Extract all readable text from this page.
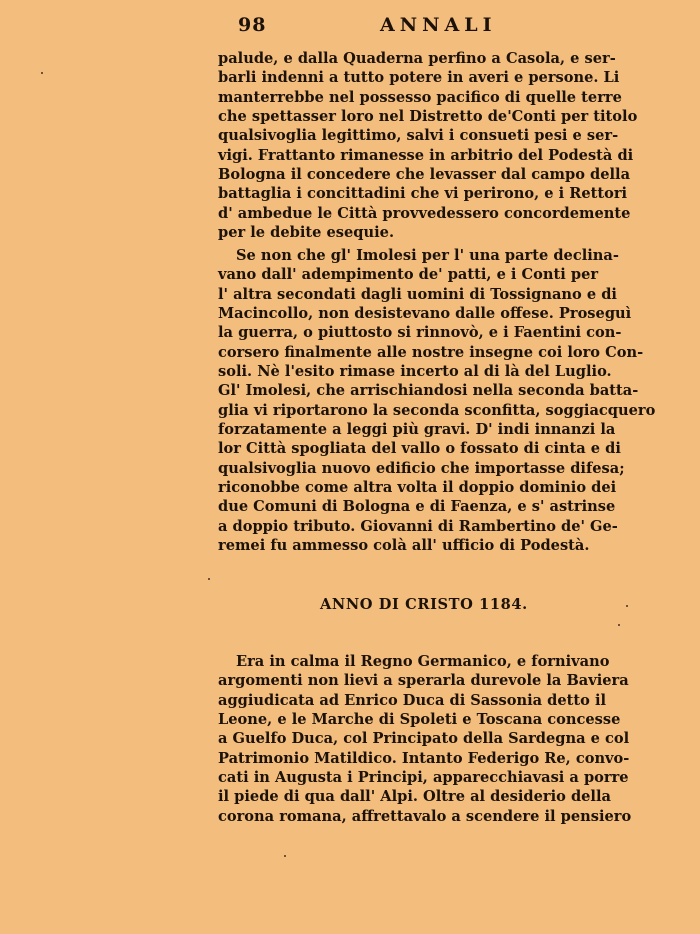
98	ANNALI
palude, e dalla Quaderna perfino a Casola, e ser-
barli indenni a tutto potere in averi e persone. Li
manterrebbe nel possesso pacifico di quelle terre
che spettasser loro nel Distretto de'Conti per titolo
qualsivoglia legittimo, salvi i consueti pesi e ser-
vigi. Frattanto rimanesse in arbitrio del Podestà di
Bologna il concedere che levasser dal campo della
battaglia i concittadini che vi perirono, e i Rettori
d' ambedue le Città provvedessero concordemente
per le debite esequie.
Se non che gl' Imolesi per l' una parte declina-
vano dall' adempimento de' patti, e i Conti per
l' altra secondati dagli uomini di Tossignano e di
Macincollo, non desistevano dalle offese. Proseguì
la guerra, o piuttosto si rinnovò, e i Faentini con-
corsero finalmente alle nostre insegne coi loro Con-
soli. Nè l'esito rimase incerto al di là del Luglio.
Gl' Imolesi, che arrischiandosi nella seconda batta-
glia vi riportarono la seconda sconfitta, soggiacquero
forzatamente a leggi più gravi. D' indi innanzi la
lor Città spogliata del vallo o fossato di cinta e di
qualsivoglia nuovo edificio che importasse difesa;
riconobbe come altra volta il doppio dominio dei
due Comuni di Bologna e di Faenza, e s' astrinse
a doppio tributo. Giovanni di Rambertino de' Ge-
remei fu ammesso colà all' ufficio di Podestà.
ANNO DI CRISTO 1184.
Era in calma il Regno Germanico, e fornivano
argomenti non lievi a sperarla durevole la Baviera
aggiudicata ad Enrico Duca di Sassonia detto il
Leone, e le Marche di Spoleti e Toscana concesse
a Guelfo Duca, col Principato della Sardegna e col
Patrimonio Matildico. Intanto Federigo Re, convo-
cati in Augusta i Principi, apparecchiavasi a porre
il piede di qua dall' Alpi. Oltre al desiderio della
corona romana, affrettavalo a scendere il pensiero
